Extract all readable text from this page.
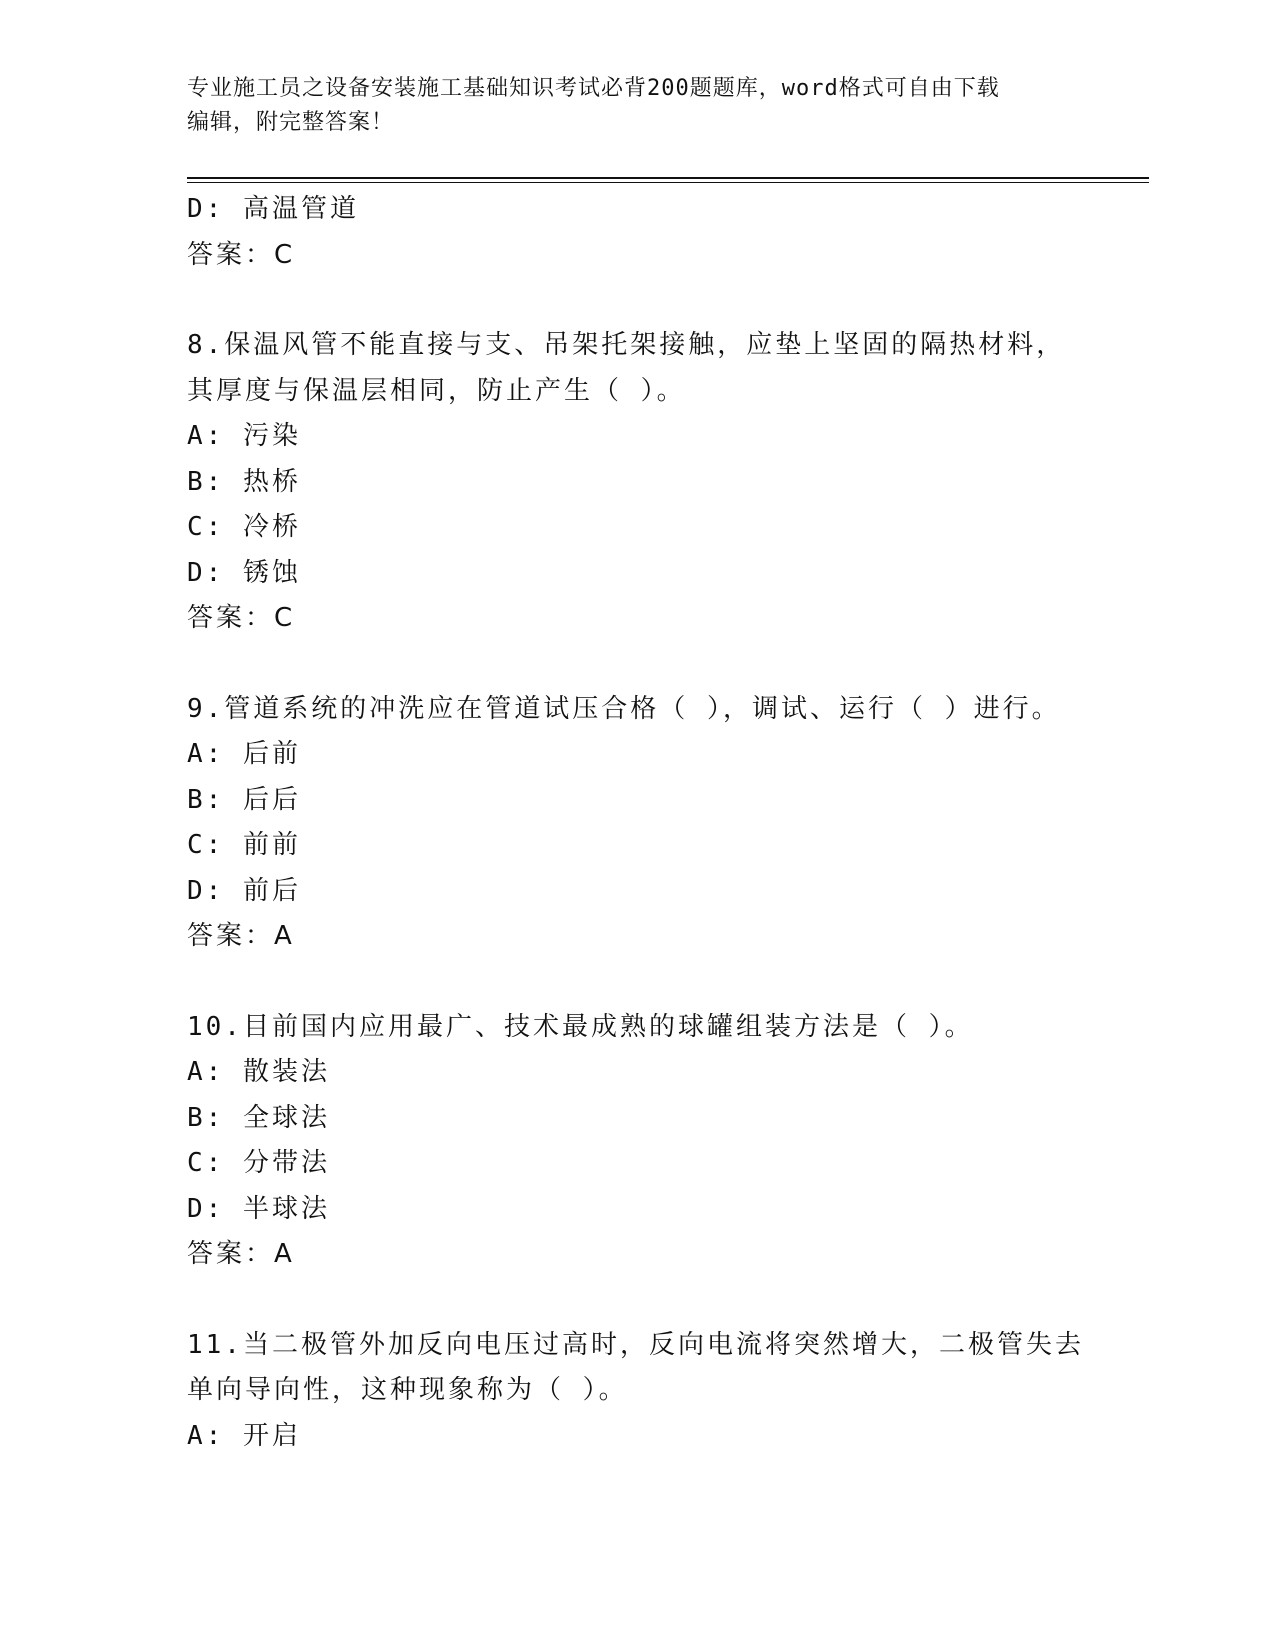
专业施工员之设备安装施工基础知识考试必背200题题库，word格式可自由下载
编辑，附完整答案！
D: 高温管道
答案：C
8.保温风管不能直接与支、吊架托架接触，应垫上坚固的隔热材料，
其厚度与保温层相同，防止产生（ ）。
A: 污染
B: 热桥
C: 冷桥
D: 锈蚀
答案：C
9.管道系统的冲洗应在管道试压合格（ ），调试、运行（ ）进行。
A: 后前
B: 后后
C: 前前
D: 前后
答案：A
10.目前国内应用最广、技术最成熟的球罐组装方法是（ ）。
A: 散装法
B: 全球法
C: 分带法
D: 半球法
答案：A
11.当二极管外加反向电压过高时，反向电流将突然增大，二极管失去
单向导向性，这种现象称为（ ）。
A: 开启
